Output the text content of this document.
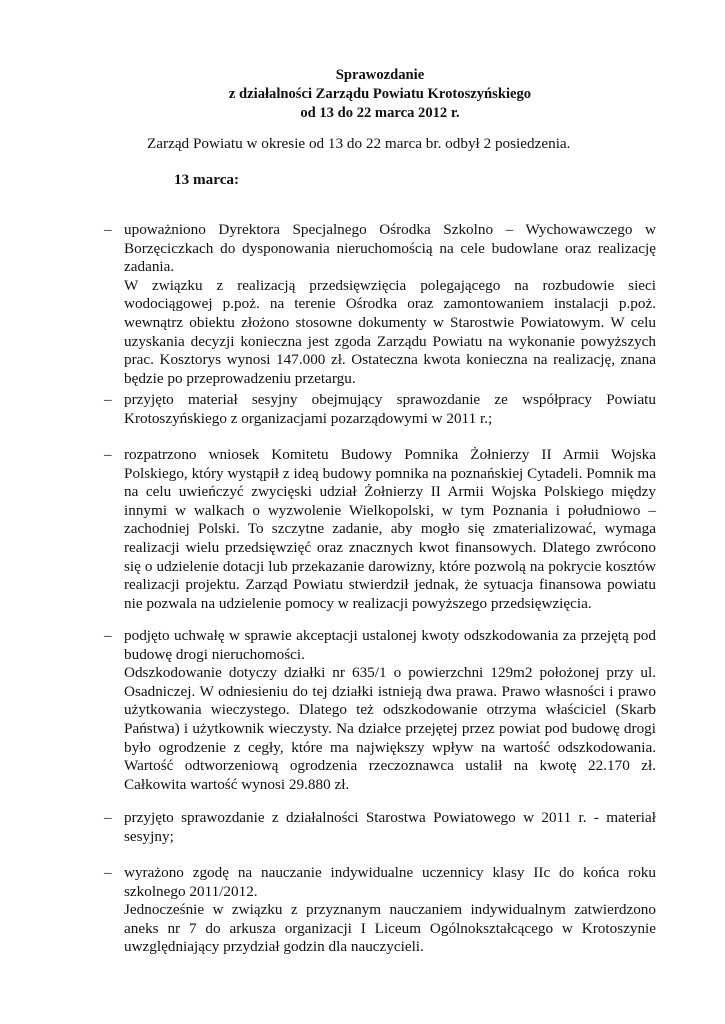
Sprawozdanie
z działalności Zarządu Powiatu Krotoszyńskiego
od 13 do 22 marca 2012 r.
Zarząd Powiatu w okresie od 13 do 22 marca br. odbył 2 posiedzenia.
13 marca:
– upoważniono Dyrektora Specjalnego Ośrodka Szkolno – Wychowawczego w Borzęciczkach do dysponowania nieruchomością na cele budowlane oraz realizację zadania.

W związku z realizacją przedsięwzięcia polegającego na rozbudowie sieci wodociągowej p.poż. na terenie Ośrodka oraz zamontowaniem instalacji p.poż. wewnątrz obiektu złożono stosowne dokumenty w Starostwie Powiatowym. W celu uzyskania decyzji konieczna jest zgoda Zarządu Powiatu na wykonanie powyższych prac. Kosztorys wynosi 147.000 zł. Ostateczna kwota konieczna na realizację, znana będzie po przeprowadzeniu przetargu.

– przyjęto materiał sesyjny obejmujący sprawozdanie ze współpracy Powiatu Krotoszyńskiego z organizacjami pozarządowymi w 2011 r.;

– rozpatrzono wniosek Komitetu Budowy Pomnika Żołnierzy II Armii Wojska Polskiego, który wystąpił z ideą budowy pomnika na poznańskiej Cytadeli. Pomnik ma na celu uwieńczyć zwycięski udział Żołnierzy II Armii Wojska Polskiego między innymi w walkach o wyzwolenie Wielkopolski, w tym Poznania i południowo – zachodniej Polski. To szczytne zadanie, aby mogło się zmaterializować, wymaga realizacji wielu przedsięwzięć oraz znacznych kwot finansowych. Dlatego zwrócono się o udzielenie dotacji lub przekazanie darowizny, które pozwolą na pokrycie kosztów realizacji projektu. Zarząd Powiatu stwierdził jednak, że sytuacja finansowa powiatu nie pozwala na udzielenie pomocy w realizacji powyższego przedsięwzięcia.

– podjęto uchwałę w sprawie akceptacji ustalonej kwoty odszkodowania za przejętą pod budowę drogi nieruchomości.

Odszkodowanie dotyczy działki nr 635/1 o powierzchni 129m2 położonej przy ul. Osadniczej. W odniesieniu do tej działki istnieją dwa prawa. Prawo własności i prawo użytkowania wieczystego. Dlatego też odszkodowanie otrzyma właściciel (Skarb Państwa) i użytkownik wieczysty. Na działce przejętej przez powiat pod budowę drogi było ogrodzenie z cegły, które ma największy wpływ na wartość odszkodowania. Wartość odtworzeniową ogrodzenia rzeczoznawca ustalił na kwotę 22.170 zł. Całkowita wartość wynosi 29.880 zł.

– przyjęto sprawozdanie z działalności Starostwa Powiatowego w 2011 r. - materiał sesyjny;

– wyrażono zgodę na nauczanie indywidualne uczennicy klasy IIc do końca roku szkolnego 2011/2012.

Jednocześnie w związku z przyznanym nauczaniem indywidualnym zatwierdzono aneks nr 7 do arkusza organizacji I Liceum Ogólnokształcącego w Krotoszynie uwzględniający przydział godzin dla nauczycieli.
